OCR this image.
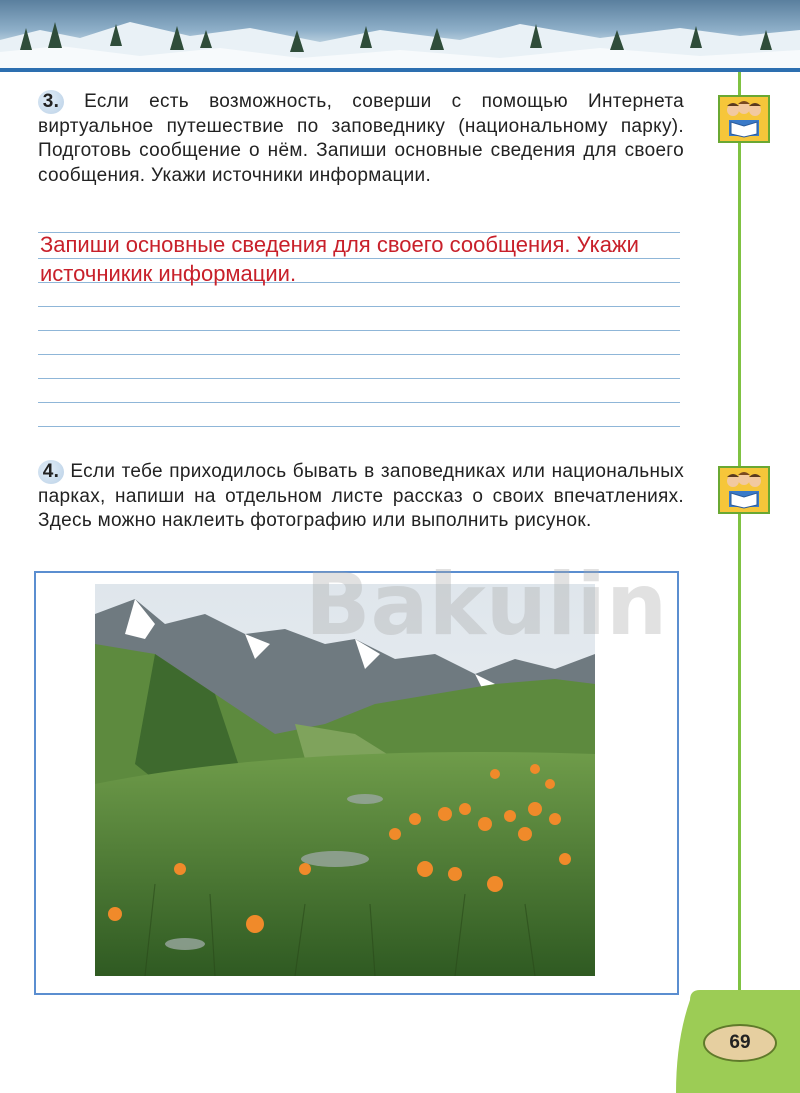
3. Если есть возможность, соверши с помощью Интернета виртуальное путешествие по заповеднику (национальному парку). Подготовь сообщение о нём. Запиши основные сведения для своего сообщения. Укажи источники информации.
Запиши основные сведения для своего сообщения. Укажи источникик информации.
4. Если тебе приходилось бывать в заповедниках или национальных парках, напиши на отдельном листе рассказ о своих впечатлениях. Здесь можно наклеить фотографию или выполнить рисунок.
69
Bakulin
